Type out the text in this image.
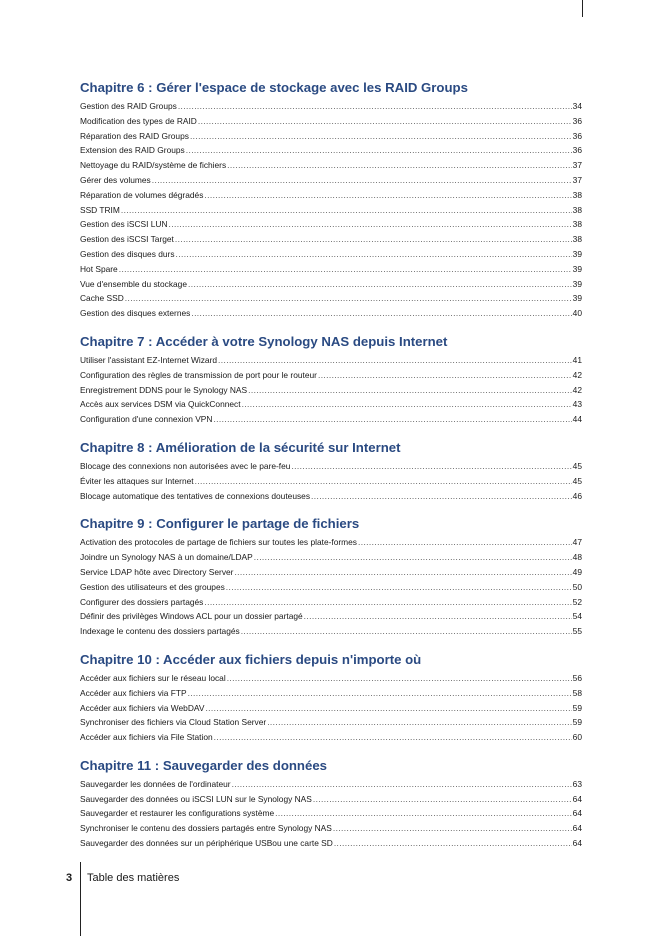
Chapitre 6 : Gérer l'espace de stockage avec les RAID Groups
Gestion des RAID Groups .....	34
Modification des types de RAID .....	36
Réparation des RAID Groups .....	36
Extension des RAID Groups .....	36
Nettoyage du RAID/système de fichiers .....	37
Gérer des volumes .....	37
Réparation de volumes dégradés .....	38
SSD TRIM .....	38
Gestion des iSCSI LUN .....	38
Gestion des iSCSI Target .....	38
Gestion des disques durs .....	39
Hot Spare .....	39
Vue d'ensemble du stockage .....	39
Cache SSD .....	39
Gestion des disques externes .....	40
Chapitre 7 : Accéder à votre Synology NAS depuis Internet
Utiliser l'assistant EZ-Internet Wizard .....	41
Configuration des règles de transmission de port pour le routeur .....	42
Enregistrement DDNS pour le Synology NAS .....	42
Accès aux services DSM via QuickConnect .....	43
Configuration d'une connexion VPN .....	44
Chapitre 8 : Amélioration de la sécurité sur Internet
Blocage des connexions non autorisées avec le pare-feu .....	45
Éviter les attaques sur Internet .....	45
Blocage automatique des tentatives de connexions douteuses .....	46
Chapitre 9 : Configurer le partage de fichiers
Activation des protocoles de partage de fichiers sur toutes les plate-formes .....	47
Joindre un Synology NAS à un domaine/LDAP .....	48
Service LDAP hôte avec Directory Server .....	49
Gestion des utilisateurs et des groupes .....	50
Configurer des dossiers partagés .....	52
Définir des privilèges Windows ACL pour un dossier partagé .....	54
Indexage le contenu des dossiers partagés .....	55
Chapitre 10 : Accéder aux fichiers depuis n'importe où
Accéder aux fichiers sur le réseau local .....	56
Accéder aux fichiers via FTP .....	58
Accéder aux fichiers via WebDAV .....	59
Synchroniser des fichiers via Cloud Station Server .....	59
Accéder aux fichiers via File Station .....	60
Chapitre 11 : Sauvegarder des données
Sauvegarder les données de l'ordinateur .....	63
Sauvegarder des données ou iSCSI LUN sur le Synology NAS .....	64
Sauvegarder et restaurer les configurations système .....	64
Synchroniser le contenu des dossiers partagés entre Synology NAS .....	64
Sauvegarder des données sur un périphérique USBou une carte SD .....	64
3 Table des matières
